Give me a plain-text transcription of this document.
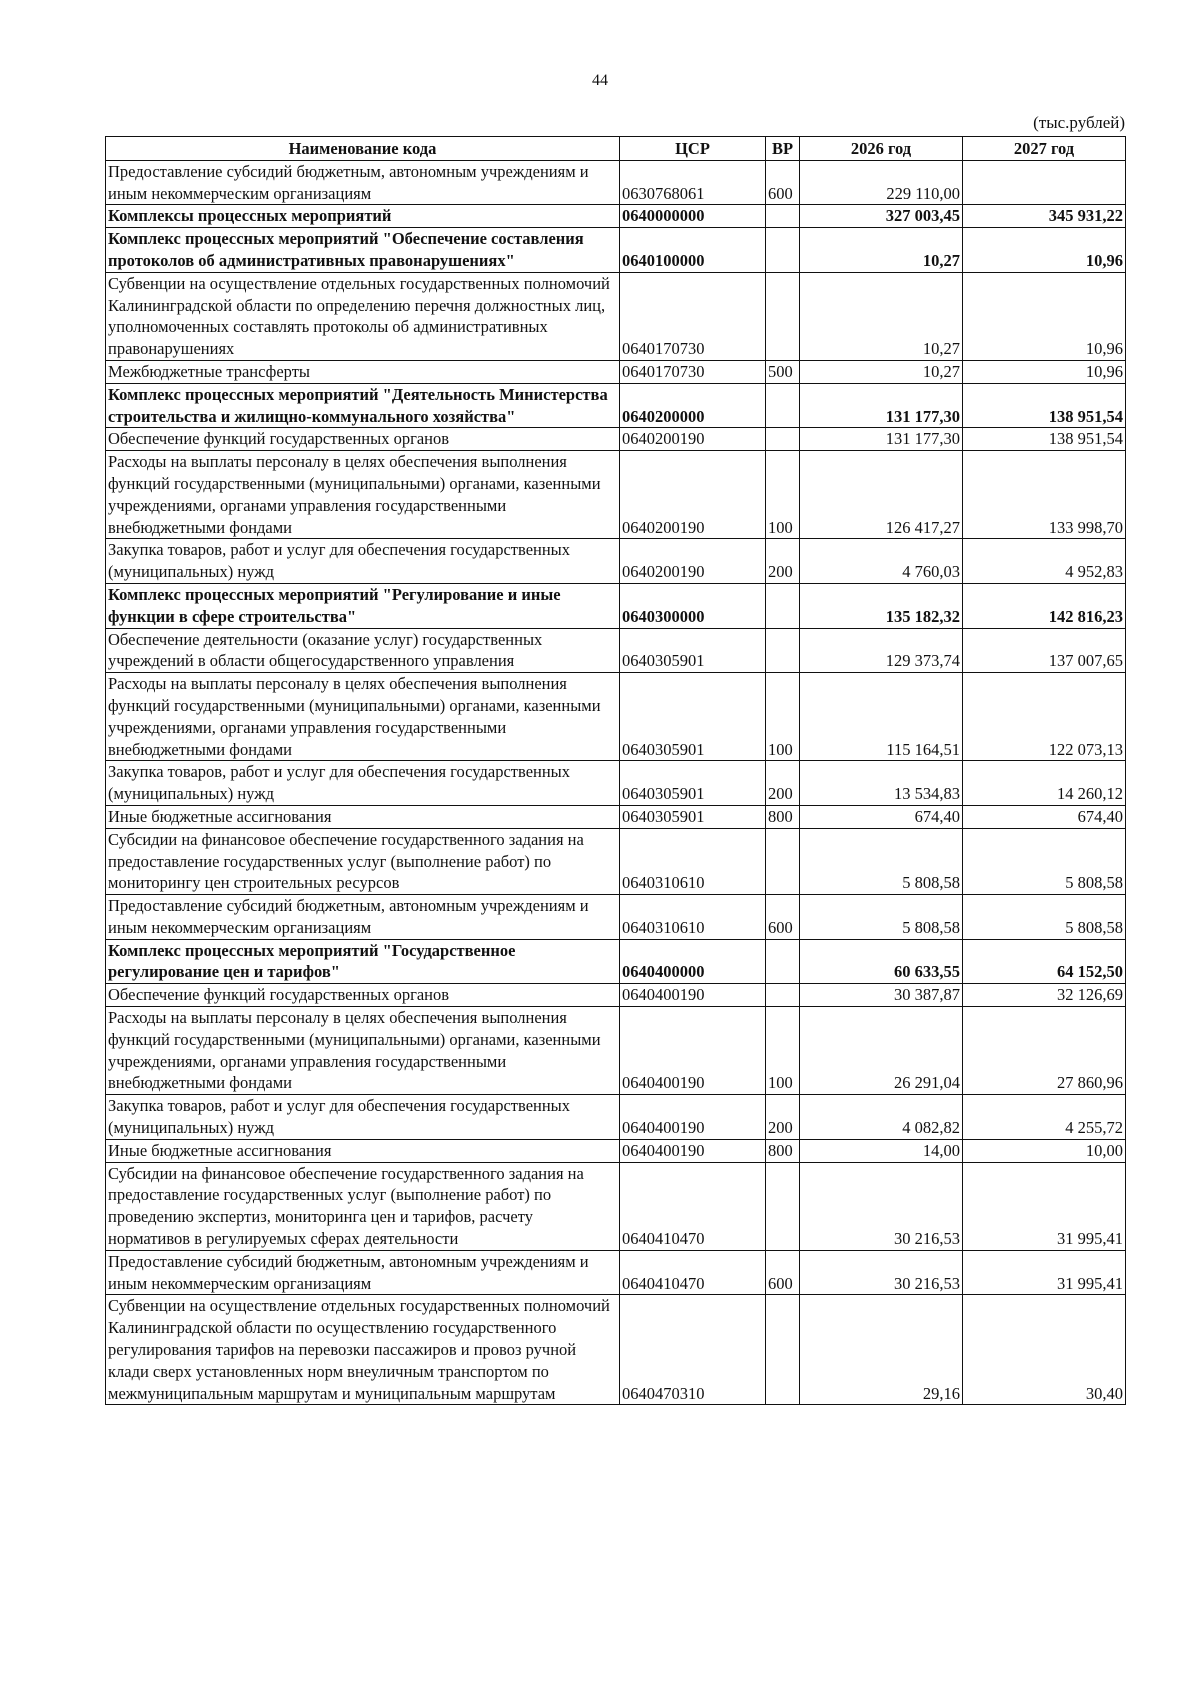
44
(тыс.рублей)
Наименование кода	ЦСР	ВР	2026 год	2027 год
Предоставление субсидий бюджетным, автономным учреждениям и иным некоммерческим организациям	0630768061	600	229 110,00	
Комплексы процессных мероприятий	0640000000		327 003,45	345 931,22
Комплекс процессных мероприятий "Обеспечение составления протоколов об административных правонарушениях"	0640100000		10,27	10,96
Субвенции на осуществление отдельных государственных полномочий Калининградской области по определению перечня должностных лиц, уполномоченных составлять протоколы об административных правонарушениях	0640170730		10,27	10,96
Межбюджетные трансферты	0640170730	500	10,27	10,96
Комплекс процессных мероприятий "Деятельность Министерства строительства и жилищно-коммунального хозяйства"	0640200000		131 177,30	138 951,54
Обеспечение функций государственных органов	0640200190		131 177,30	138 951,54
Расходы на выплаты персоналу в целях обеспечения выполнения функций государственными (муниципальными) органами, казенными учреждениями, органами управления государственными внебюджетными фондами	0640200190	100	126 417,27	133 998,70
Закупка товаров, работ и услуг для обеспечения государственных (муниципальных) нужд	0640200190	200	4 760,03	4 952,83
Комплекс процессных мероприятий "Регулирование и иные функции в сфере строительства"	0640300000		135 182,32	142 816,23
Обеспечение деятельности (оказание услуг) государственных учреждений в области общегосударственного управления	0640305901		129 373,74	137 007,65
Расходы на выплаты персоналу в целях обеспечения выполнения функций государственными (муниципальными) органами, казенными учреждениями, органами управления государственными внебюджетными фондами	0640305901	100	115 164,51	122 073,13
Закупка товаров, работ и услуг для обеспечения государственных (муниципальных) нужд	0640305901	200	13 534,83	14 260,12
Иные бюджетные ассигнования	0640305901	800	674,40	674,40
Субсидии на финансовое обеспечение государственного задания на предоставление государственных услуг (выполнение работ) по мониторингу цен строительных ресурсов	0640310610		5 808,58	5 808,58
Предоставление субсидий бюджетным, автономным учреждениям и иным некоммерческим организациям	0640310610	600	5 808,58	5 808,58
Комплекс процессных мероприятий "Государственное регулирование цен и тарифов"	0640400000		60 633,55	64 152,50
Обеспечение функций государственных органов	0640400190		30 387,87	32 126,69
Расходы на выплаты персоналу в целях обеспечения выполнения функций государственными (муниципальными) органами, казенными учреждениями, органами управления государственными внебюджетными фондами	0640400190	100	26 291,04	27 860,96
Закупка товаров, работ и услуг для обеспечения государственных (муниципальных) нужд	0640400190	200	4 082,82	4 255,72
Иные бюджетные ассигнования	0640400190	800	14,00	10,00
Субсидии на финансовое обеспечение государственного задания на предоставление государственных услуг (выполнение работ) по проведению экспертиз, мониторинга цен и тарифов, расчету нормативов в регулируемых сферах деятельности	0640410470		30 216,53	31 995,41
Предоставление субсидий бюджетным, автономным учреждениям и иным некоммерческим организациям	0640410470	600	30 216,53	31 995,41
Субвенции на осуществление отдельных государственных полномочий Калининградской области по осуществлению государственного регулирования тарифов на перевозки пассажиров и провоз ручной клади сверх установленных норм внеуличным транспортом по межмуниципальным маршрутам и муниципальным маршрутам	0640470310		29,16	30,40
